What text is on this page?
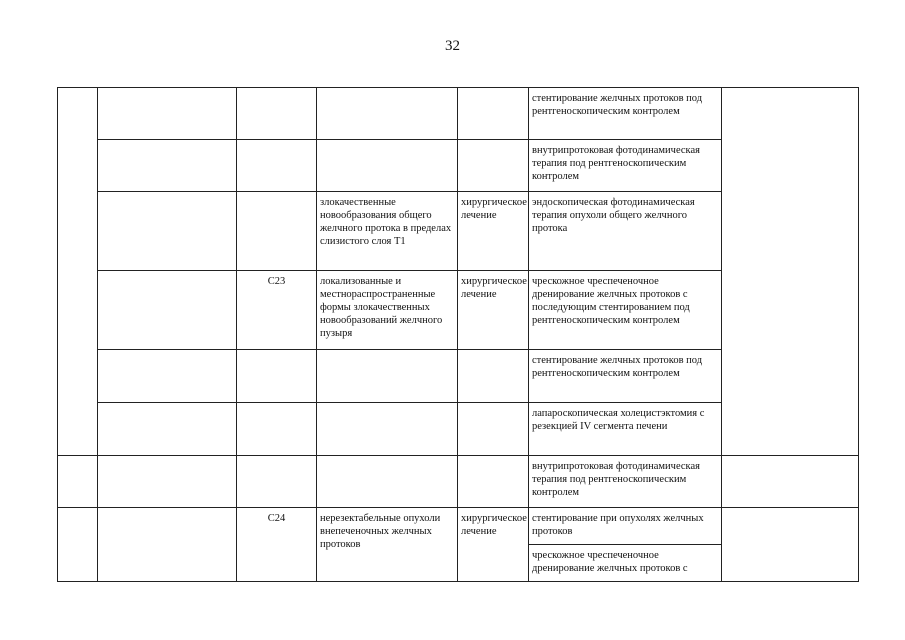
32
					стентирование желчных протоков под рентгеноскопическим контролем	
					внутрипротоковая фотодинамическая терапия под рентгеноскопическим контролем	
			злокачественные новообразования общего желчного протока в пределах слизистого слоя T1	хирургическое лечение	эндоскопическая фотодинамическая терапия опухоли общего желчного протока	
		C23	локализованные и местнораспространенные формы злокачественных новообразований желчного пузыря	хирургическое лечение	чрескожное чреспеченочное дренирование желчных протоков с последующим стентированием под рентгеноскопическим контролем	
					стентирование желчных протоков под рентгеноскопическим контролем	
					лапароскопическая холецистэктомия с резекцией IV сегмента печени	
					внутрипротоковая фотодинамическая терапия под рентгеноскопическим контролем	
		C24	нерезектабельные опухоли внепеченочных желчных протоков	хирургическое лечение	стентирование при опухолях желчных протоков	
					чрескожное чреспеченочное дренирование желчных протоков с	
